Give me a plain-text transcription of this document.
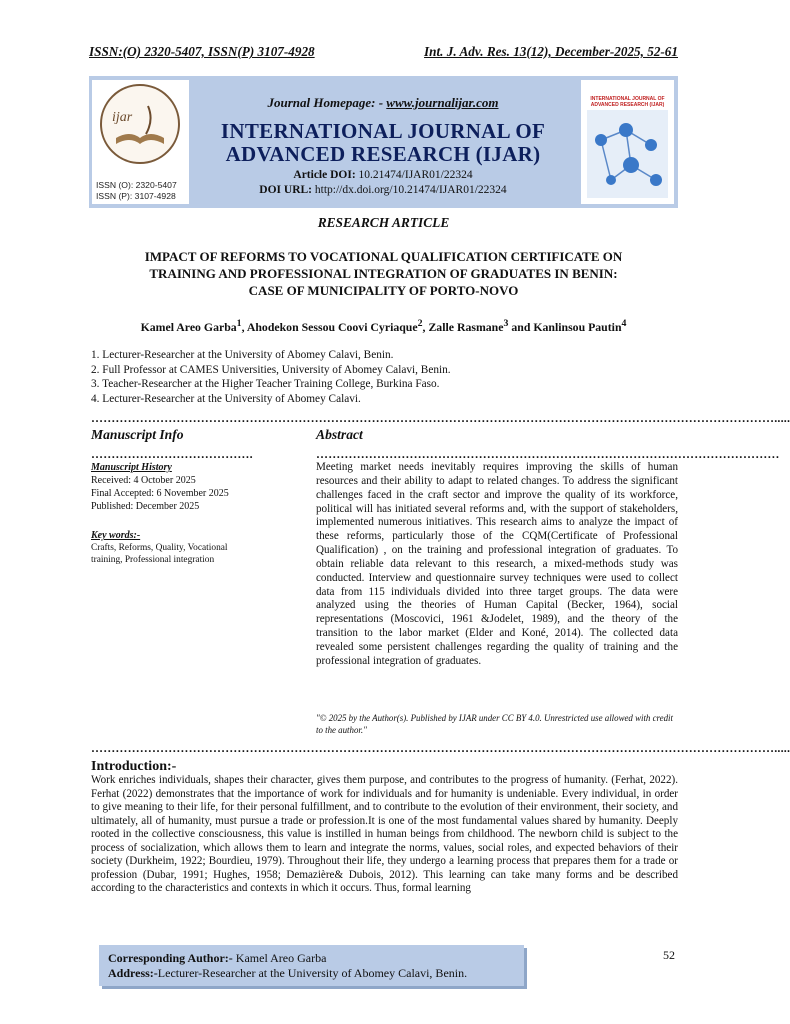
ISSN:(O) 2320-5407, ISSN(P) 3107-4928	Int. J. Adv. Res. 13(12), December-2025, 52-61
ijar
ISSN (O): 2320-5407
ISSN (P): 3107-4928
Journal Homepage: - www.journalijar.com
INTERNATIONAL JOURNAL OF
ADVANCED RESEARCH (IJAR)
Article DOI: 10.21474/IJAR01/22324
DOI URL: http://dx.doi.org/10.21474/IJAR01/22324
INTERNATIONAL JOURNAL OF ADVANCED RESEARCH (IJAR)
RESEARCH ARTICLE
IMPACT OF REFORMS TO VOCATIONAL QUALIFICATION CERTIFICATE ON
TRAINING AND PROFESSIONAL INTEGRATION OF GRADUATES IN BENIN:
CASE OF MUNICIPALITY OF PORTO-NOVO
Kamel Areo Garba$^1$, Ahodekon Sessou Coovi Cyriaque$^2$, Zalle Rasmane$^3$ and Kanlinsou Pautin$^4$
1. Lecturer-Researcher at the University of Abomey Calavi, Benin.
2. Full Professor at CAMES Universities, University of Abomey Calavi, Benin.
3. Teacher-Researcher at the Higher Teacher Training College, Burkina Faso.
4. Lecturer-Researcher at the University of Abomey Calavi.
…………………………………………………………………………………………………………………………………………………….....
………………………………….	……………………………………………………………………………………………………
…………………………………………………………………………………………………………………………………………………….....
Manuscript Info
Manuscript History
Received: 4 October 2025
Final Accepted: 6 November 2025
Published: December 2025
Key words:-
Crafts, Reforms, Quality, Vocational training, Professional integration
Abstract
Meeting market needs inevitably requires improving the skills of human resources and their ability to adapt to related changes. To address the significant challenges faced in the craft sector and improve the quality of its workforce, political will has initiated several reforms and, with the support of stakeholders, implemented numerous initiatives. This research aims to analyze the impact of these reforms, particularly those of the CQM(Certificate of Professional Qualification) , on the training and professional integration of graduates. To obtain reliable data relevant to this research, a mixed-methods study was conducted. Interview and questionnaire survey techniques were used to collect data from 115 individuals divided into three target groups. The data were analyzed using the theories of Human Capital (Becker, 1964), social representations (Moscovici, 1961 &Jodelet, 1989), and the theory of the transition to the labor market (Elder and Koné, 2014). The collected data revealed some persistent challenges regarding the quality of training and the professional integration of graduates.
"© 2025 by the Author(s). Published by IJAR under CC BY 4.0. Unrestricted use allowed with credit to the author."
Introduction:-
Work enriches individuals, shapes their character, gives them purpose, and contributes to the progress of humanity. (Ferhat, 2022). Ferhat (2022) demonstrates that the importance of work for individuals and for humanity is undeniable. Every individual, in order to give meaning to their life, for their personal fulfillment, and to contribute to the evolution of their environment, their society, and ultimately, all of humanity, must pursue a trade or profession.It is one of the most fundamental values shared by humanity. Deeply rooted in the collective consciousness, this value is instilled in human beings from childhood. The newborn child is subject to the process of socialization, which allows them to learn and integrate the norms, values, social roles, and expected behaviors of their society (Durkheim, 1922; Bourdieu, 1979). Throughout their life, they undergo a learning process that prepares them for a trade or profession (Dubar, 1991; Hughes, 1958; Demazière& Dubois, 2012). This learning can take many forms and be described according to the characteristics and contexts in which it occurs. Thus, formal learning
Corresponding Author:- Kamel Areo Garba
Address:-Lecturer-Researcher at the University of Abomey Calavi, Benin.
52
